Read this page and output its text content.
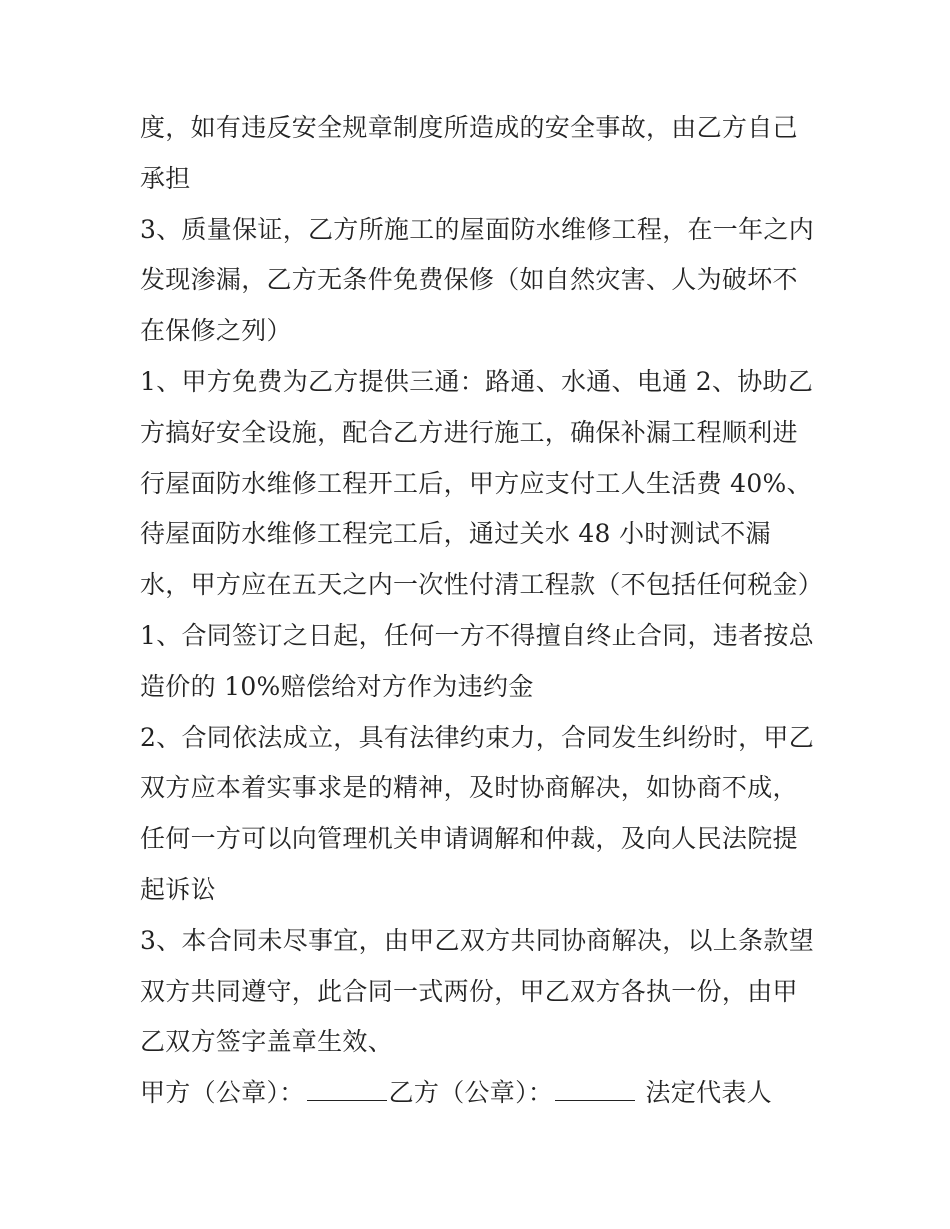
度，如有违反安全规章制度所造成的安全事故，由乙方自己承担

3、质量保证，乙方所施工的屋面防水维修工程，在一年之内发现渗漏，乙方无条件免费保修（如自然灾害、人为破坏不在保修之列）

1、甲方免费为乙方提供三通：路通、水通、电通 2、协助乙方搞好安全设施，配合乙方进行施工，确保补漏工程顺利进行屋面防水维修工程开工后，甲方应支付工人生活费 40%、待屋面防水维修工程完工后，通过关水 48 小时测试不漏水，甲方应在五天之内一次性付清工程款（不包括任何税金）

1、合同签订之日起，任何一方不得擅自终止合同，违者按总造价的 10%赔偿给对方作为违约金

2、合同依法成立，具有法律约束力，合同发生纠纷时，甲乙双方应本着实事求是的精神，及时协商解决，如协商不成，任何一方可以向管理机关申请调解和仲裁，及向人民法院提起诉讼

3、本合同未尽事宜，由甲乙双方共同协商解决，以上条款望双方共同遵守，此合同一式两份，甲乙双方各执一份，由甲乙双方签字盖章生效、

甲方（公章）：	乙方（公章）：	法定代表人
